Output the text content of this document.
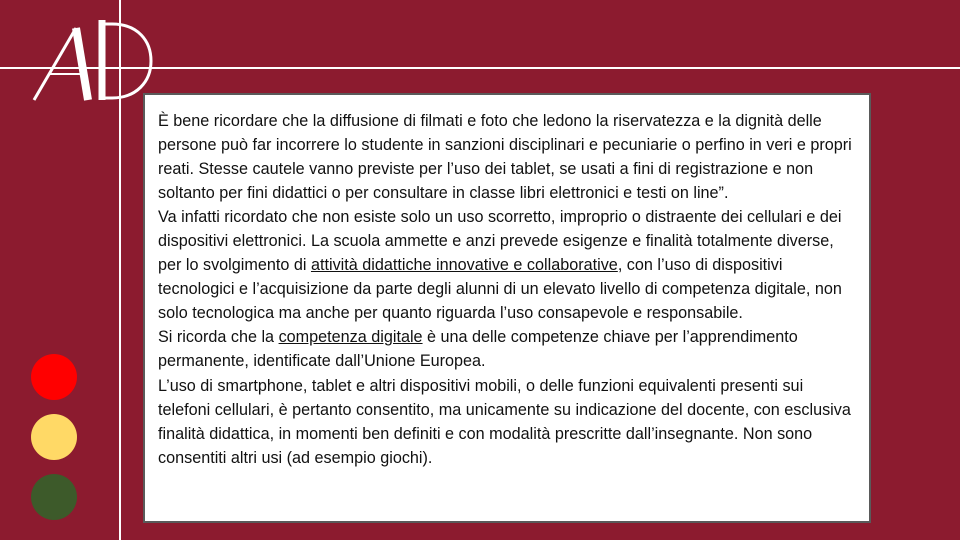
È bene ricordare che la diffusione di filmati e foto che ledono la riservatezza e la dignità delle persone può far incorrere lo studente in sanzioni disciplinari e pecuniarie o perfino in veri e propri reati. Stesse cautele vanno previste per l’uso dei tablet, se usati a fini di registrazione e non soltanto per fini didattici o per consultare in classe libri elettronici e testi on line”.

Va infatti ricordato che non esiste solo un uso scorretto, improprio o distraente dei cellulari e dei dispositivi elettronici. La scuola ammette e anzi prevede esigenze e finalità totalmente diverse, per lo svolgimento di attività didattiche innovative e collaborative, con l’uso di dispositivi tecnologici e l’acquisizione da parte degli alunni di un elevato livello di competenza digitale, non solo tecnologica ma anche per quanto riguarda l’uso consapevole e responsabile.

Si ricorda che la competenza digitale è una delle competenze chiave per l’apprendimento permanente, identificate dall’Unione Europea.

L’uso di smartphone, tablet e altri dispositivi mobili, o delle funzioni equivalenti presenti sui telefoni cellulari, è pertanto consentito, ma unicamente su indicazione del docente, con esclusiva finalità didattica, in momenti ben definiti e con modalità prescritte dall’insegnante. Non sono consentiti altri usi (ad esempio giochi).
